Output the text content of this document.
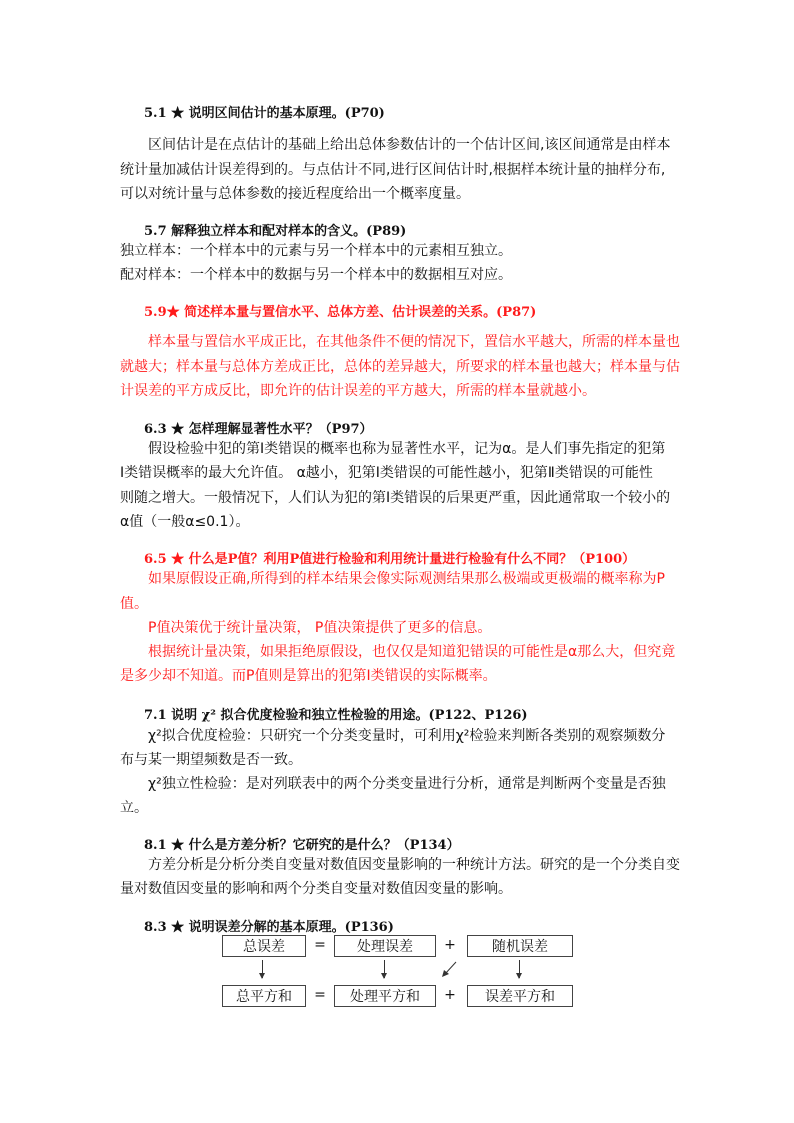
5.1 ★ 说明区间估计的基本原理。(P70)
区间估计是在点估计的基础上给出总体参数估计的一个估计区间,该区间通常是由样本
统计量加减估计误差得到的。与点估计不同,进行区间估计时,根据样本统计量的抽样分布,
可以对统计量与总体参数的接近程度给出一个概率度量。
5.7 解释独立样本和配对样本的含义。(P89)
独立样本：一个样本中的元素与另一个样本中的元素相互独立。
配对样本：一个样本中的数据与另一个样本中的数据相互对应。
5.9★ 简述样本量与置信水平、总体方差、估计误差的关系。(P87)
样本量与置信水平成正比，在其他条件不便的情况下，置信水平越大，所需的样本量也
就越大；样本量与总体方差成正比，总体的差异越大，所要求的样本量也越大；样本量与估
计误差的平方成反比，即允许的估计误差的平方越大，所需的样本量就越小。
6.3 ★ 怎样理解显著性水平？（P97）
假设检验中犯的第Ⅰ类错误的概率也称为显著性水平，记为α。是人们事先指定的犯第
Ⅰ类错误概率的最大允许值。 α越小，犯第Ⅰ类错误的可能性越小，犯第Ⅱ类错误的可能性
则随之增大。一般情况下，人们认为犯的第Ⅰ类错误的后果更严重，因此通常取一个较小的
α值（一般α≤0.1）。
6.5 ★ 什么是P值？利用P值进行检验和利用统计量进行检验有什么不同？（P100）
如果原假设正确,所得到的样本结果会像实际观测结果那么极端或更极端的概率称为P
值。
P值决策优于统计量决策， P值决策提供了更多的信息。
根据统计量决策，如果拒绝原假设，也仅仅是知道犯错误的可能性是α那么大，但究竟
是多少却不知道。而P值则是算出的犯第Ⅰ类错误的实际概率。
7.1 说明 χ² 拟合优度检验和独立性检验的用途。(P122、P126)
χ²拟合优度检验：只研究一个分类变量时，可利用χ²检验来判断各类别的观察频数分
布与某一期望频数是否一致。
χ²独立性检验：是对列联表中的两个分类变量进行分析，通常是判断两个变量是否独
立。
8.1 ★ 什么是方差分析？它研究的是什么？（P134）
方差分析是分析分类自变量对数值因变量影响的一种统计方法。研究的是一个分类自变
量对数值因变量的影响和两个分类自变量对数值因变量的影响。
8.3 ★ 说明误差分解的基本原理。(P136)
总误差	=	处理误差	+	随机误差
总平方和	=	处理平方和	+	误差平方和
